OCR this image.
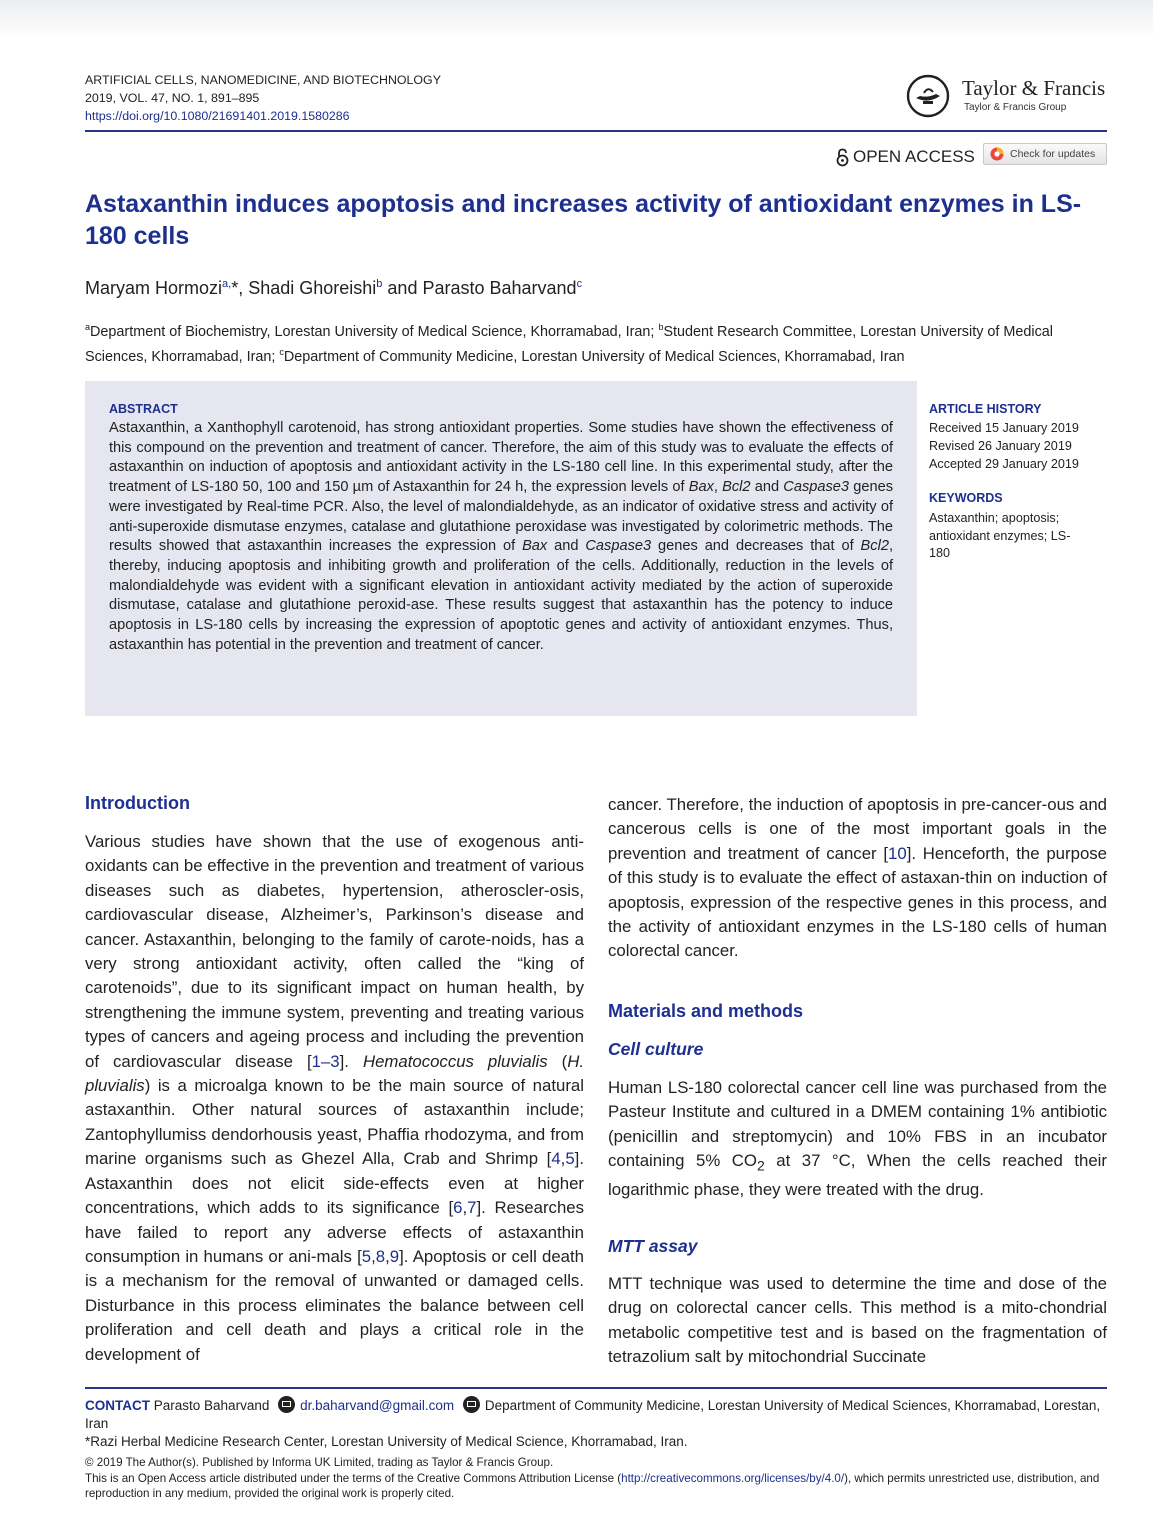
ARTIFICIAL CELLS, NANOMEDICINE, AND BIOTECHNOLOGY
2019, VOL. 47, NO. 1, 891–895
https://doi.org/10.1080/21691401.2019.1580286
Taylor & Francis
Taylor & Francis Group
OPEN ACCESS	Check for updates
Astaxanthin induces apoptosis and increases activity of antioxidant enzymes in LS-180 cells
Maryam Hormozi$^{a,}$*, Shadi Ghoreishi$^b$ and Parasto Baharvand$^c$
$^a$Department of Biochemistry, Lorestan University of Medical Science, Khorramabad, Iran; $^b$Student Research Committee, Lorestan University of Medical Sciences, Khorramabad, Iran; $^c$Department of Community Medicine, Lorestan University of Medical Sciences, Khorramabad, Iran
ABSTRACT
Astaxanthin, a Xanthophyll carotenoid, has strong antioxidant properties. Some studies have shown the effectiveness of this compound on the prevention and treatment of cancer. Therefore, the aim of this study was to evaluate the effects of astaxanthin on induction of apoptosis and antioxidant activity in the LS-180 cell line. In this experimental study, after the treatment of LS-180 50, 100 and 150 µm of Astaxanthin for 24 h, the expression levels of Bax, Bcl2 and Caspase3 genes were investigated by Real-time PCR. Also, the level of malondialdehyde, as an indicator of oxidative stress and activity of anti-superoxide dismutase enzymes, catalase and glutathione peroxidase was investigated by colorimetric methods. The results showed that astaxanthin increases the expression of Bax and Caspase3 genes and decreases that of Bcl2, thereby, inducing apoptosis and inhibiting growth and proliferation of the cells. Additionally, reduction in the levels of malondialdehyde was evident with a significant elevation in antioxidant activity mediated by the action of superoxide dismutase, catalase and glutathione peroxid-ase. These results suggest that astaxanthin has the potency to induce apoptosis in LS-180 cells by increasing the expression of apoptotic genes and activity of antioxidant enzymes. Thus, astaxanthin has potential in the prevention and treatment of cancer.
ARTICLE HISTORY
Received 15 January 2019
Revised 26 January 2019
Accepted 29 January 2019
KEYWORDS
Astaxanthin; apoptosis; antioxidant enzymes; LS-180
Introduction
Various studies have shown that the use of exogenous anti-oxidants can be effective in the prevention and treatment of various diseases such as diabetes, hypertension, atheroscler-osis, cardiovascular disease, Alzheimer’s, Parkinson’s disease and cancer. Astaxanthin, belonging to the family of carote-noids, has a very strong antioxidant activity, often called the “king of carotenoids”, due to its significant impact on human health, by strengthening the immune system, preventing and treating various types of cancers and ageing process and including the prevention of cardiovascular disease [1–3]. Hematococcus pluvialis (H. pluvialis) is a microalga known to be the main source of natural astaxanthin. Other natural sources of astaxanthin include; Zantophyllumiss dendorhousis yeast, Phaffia rhodozyma, and from marine organisms such as Ghezel Alla, Crab and Shrimp [4,5]. Astaxanthin does not elicit side-effects even at higher concentrations, which adds to its significance [6,7]. Researches have failed to report any adverse effects of astaxanthin consumption in humans or ani-mals [5,8,9]. Apoptosis or cell death is a mechanism for the removal of unwanted or damaged cells. Disturbance in this process eliminates the balance between cell proliferation and cell death and plays a critical role in the development of
cancer. Therefore, the induction of apoptosis in pre-cancer-ous and cancerous cells is one of the most important goals in the prevention and treatment of cancer [10]. Henceforth, the purpose of this study is to evaluate the effect of astaxan-thin on induction of apoptosis, expression of the respective genes in this process, and the activity of antioxidant enzymes in the LS-180 cells of human colorectal cancer.
Materials and methods
Cell culture
Human LS-180 colorectal cancer cell line was purchased from the Pasteur Institute and cultured in a DMEM containing 1% antibiotic (penicillin and streptomycin) and 10% FBS in an incubator containing 5% $CO_2$ at 37 °C, When the cells reached their logarithmic phase, they were treated with the drug.
MTT assay
MTT technique was used to determine the time and dose of the drug on colorectal cancer cells. This method is a mito-chondrial metabolic competitive test and is based on the fragmentation of tetrazolium salt by mitochondrial Succinate
CONTACT Parasto Baharvand dr.baharvand@gmail.com Department of Community Medicine, Lorestan University of Medical Sciences, Khorramabad, Lorestan, Iran
*Razi Herbal Medicine Research Center, Lorestan University of Medical Science, Khorramabad, Iran.
© 2019 The Author(s). Published by Informa UK Limited, trading as Taylor & Francis Group.
This is an Open Access article distributed under the terms of the Creative Commons Attribution License (http://creativecommons.org/licenses/by/4.0/), which permits unrestricted use, distribution, and reproduction in any medium, provided the original work is properly cited.
